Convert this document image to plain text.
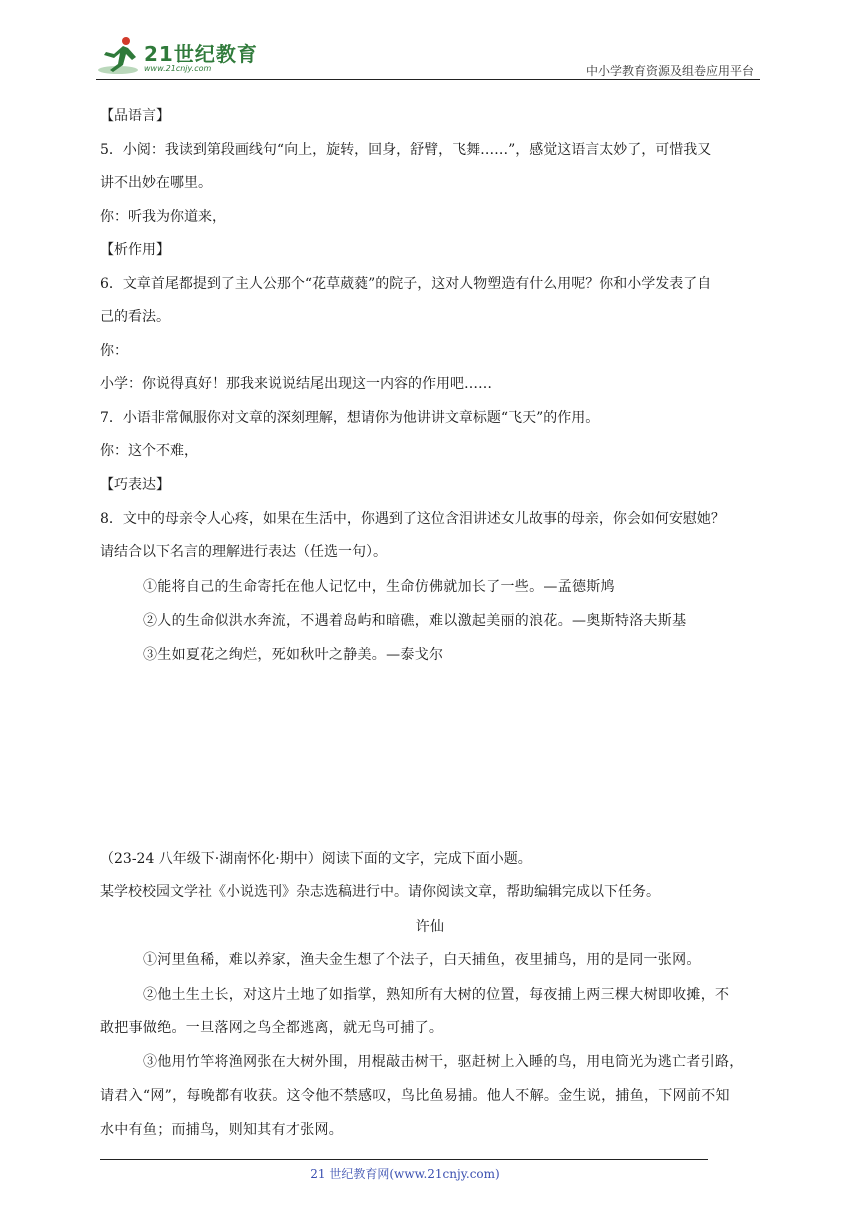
21世纪教育
www.21cnjy.com	中小学教育资源及组卷应用平台
【品语言】
5．小阅：我读到第段画线句“向上，旋转，回身，舒臂，飞舞……”，感觉这语言太妙了，可惜我又
讲不出妙在哪里。
你：听我为你道来，
【析作用】
6．文章首尾都提到了主人公那个“花草葳蕤”的院子，这对人物塑造有什么用呢？你和小学发表了自
己的看法。
你：
小学：你说得真好！那我来说说结尾出现这一内容的作用吧……
7．小语非常佩服你对文章的深刻理解，想请你为他讲讲文章标题“飞天”的作用。
你：这个不难，
【巧表达】
8．文中的母亲令人心疼，如果在生活中，你遇到了这位含泪讲述女儿故事的母亲，你会如何安慰她？
请结合以下名言的理解进行表达（任选一句）。
①能将自己的生命寄托在他人记忆中，生命仿佛就加长了一些。—孟德斯鸠
②人的生命似洪水奔流，不遇着岛屿和暗礁，难以激起美丽的浪花。—奥斯特洛夫斯基
③生如夏花之绚烂，死如秋叶之静美。—泰戈尔
（23-24 八年级下·湖南怀化·期中）阅读下面的文字，完成下面小题。
某学校校园文学社《小说选刊》杂志选稿进行中。请你阅读文章，帮助编辑完成以下任务。
许仙
①河里鱼稀，难以养家，渔夫金生想了个法子，白天捕鱼，夜里捕鸟，用的是同一张网。
②他土生土长，对这片土地了如指掌，熟知所有大树的位置，每夜捕上两三棵大树即收摊，不
敢把事做绝。一旦落网之鸟全都逃离，就无鸟可捕了。
③他用竹竿将渔网张在大树外围，用棍敲击树干，驱赶树上入睡的鸟，用电筒光为逃亡者引路，
请君入“网”，每晚都有收获。这令他不禁感叹，鸟比鱼易捕。他人不解。金生说，捕鱼，下网前不知
水中有鱼；而捕鸟，则知其有才张网。
21 世纪教育网(www.21cnjy.com)
